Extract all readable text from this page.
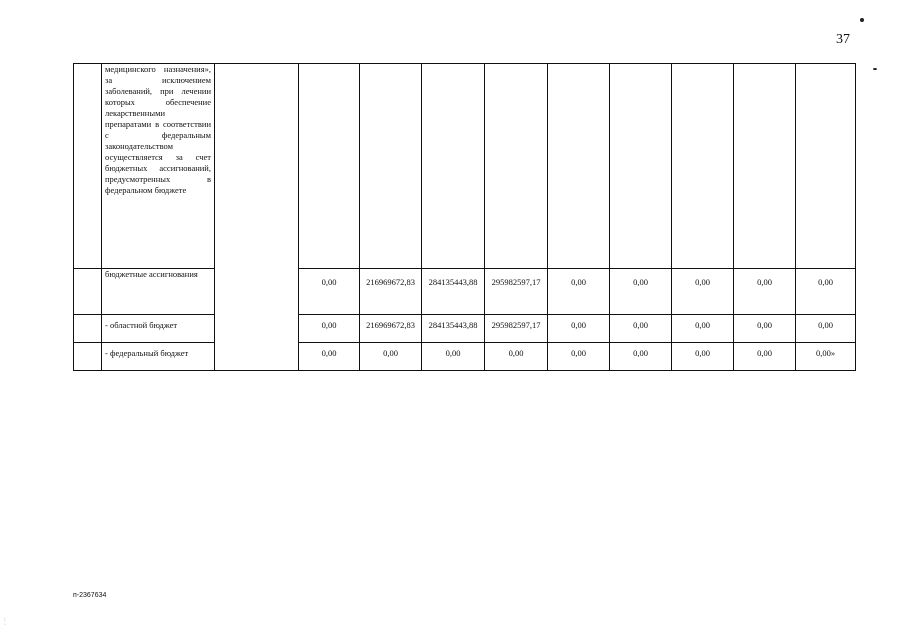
37
	медицинского назначения», за исключением заболеваний, при лечении которых обеспечение лекарственными препаратами в соответствии с федеральным законодательством осуществляется за счет бюджетных ассигнований, предусмотренных в федеральном бюджете										
	бюджетные ассигнования		0,00	216969672,83	284135443,88	295982597,17	0,00	0,00	0,00	0,00	0,00
	- областной бюджет		0,00	216969672,83	284135443,88	295982597,17	0,00	0,00	0,00	0,00	0,00
	- федеральный бюджет		0,00	0,00	0,00	0,00	0,00	0,00	0,00	0,00	0,00»
п-2367634
:
·
